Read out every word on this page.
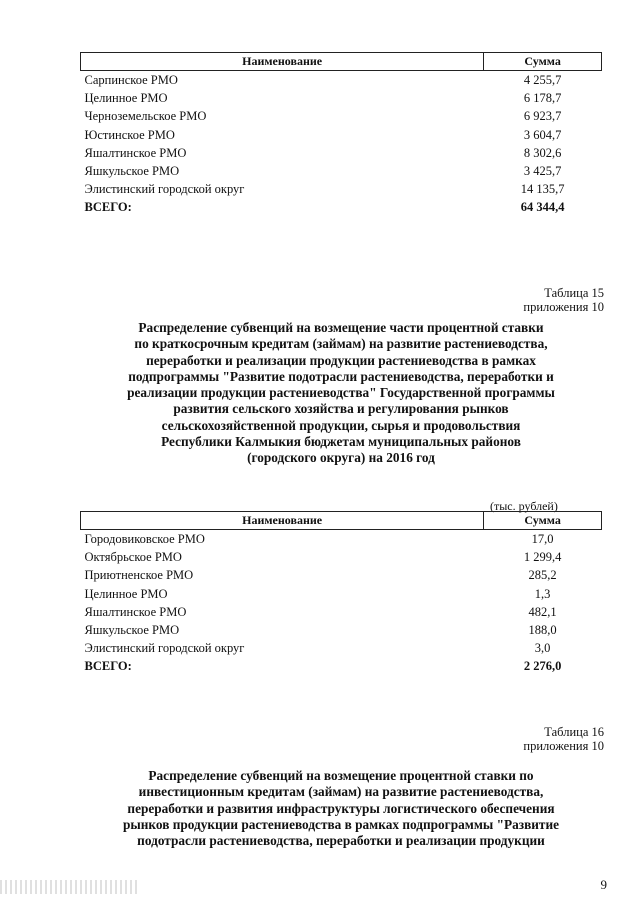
Наименование	Сумма
Сарпинское РМО	4 255,7
Целинное РМО	6 178,7
Черноземельское РМО	6 923,7
Юстинское РМО	3 604,7
Яшалтинское РМО	8 302,6
Яшкульское РМО	3 425,7
Элистинский городской округ	14 135,7
ВСЕГО:	64 344,4
Таблица 15
приложения 10
Распределение субвенций на возмещение части процентной ставки
по краткосрочным кредитам (займам) на развитие растениеводства,
переработки и реализации продукции растениеводства в рамках
подпрограммы "Развитие подотрасли растениеводства, переработки и
реализации продукции растениеводства" Государственной программы
развития сельского хозяйства и регулирования рынков
сельскохозяйственной продукции, сырья и продовольствия
Республики Калмыкия бюджетам муниципальных районов
(городского округа) на 2016 год
(тыс. рублей)
Наименование	Сумма
Городовиковское РМО	17,0
Октябрьское РМО	1 299,4
Приютненское РМО	285,2
Целинное РМО	1,3
Яшалтинское РМО	482,1
Яшкульское РМО	188,0
Элистинский городской округ	3,0
ВСЕГО:	2 276,0
Таблица 16
приложения 10
Распределение субвенций на возмещение процентной ставки по
инвестиционным кредитам (займам) на развитие растениеводства,
переработки и развития инфраструктуры логистического обеспечения
рынков продукции растениеводства в рамках подпрограммы "Развитие
подотрасли растениеводства, переработки и реализации продукции
9
